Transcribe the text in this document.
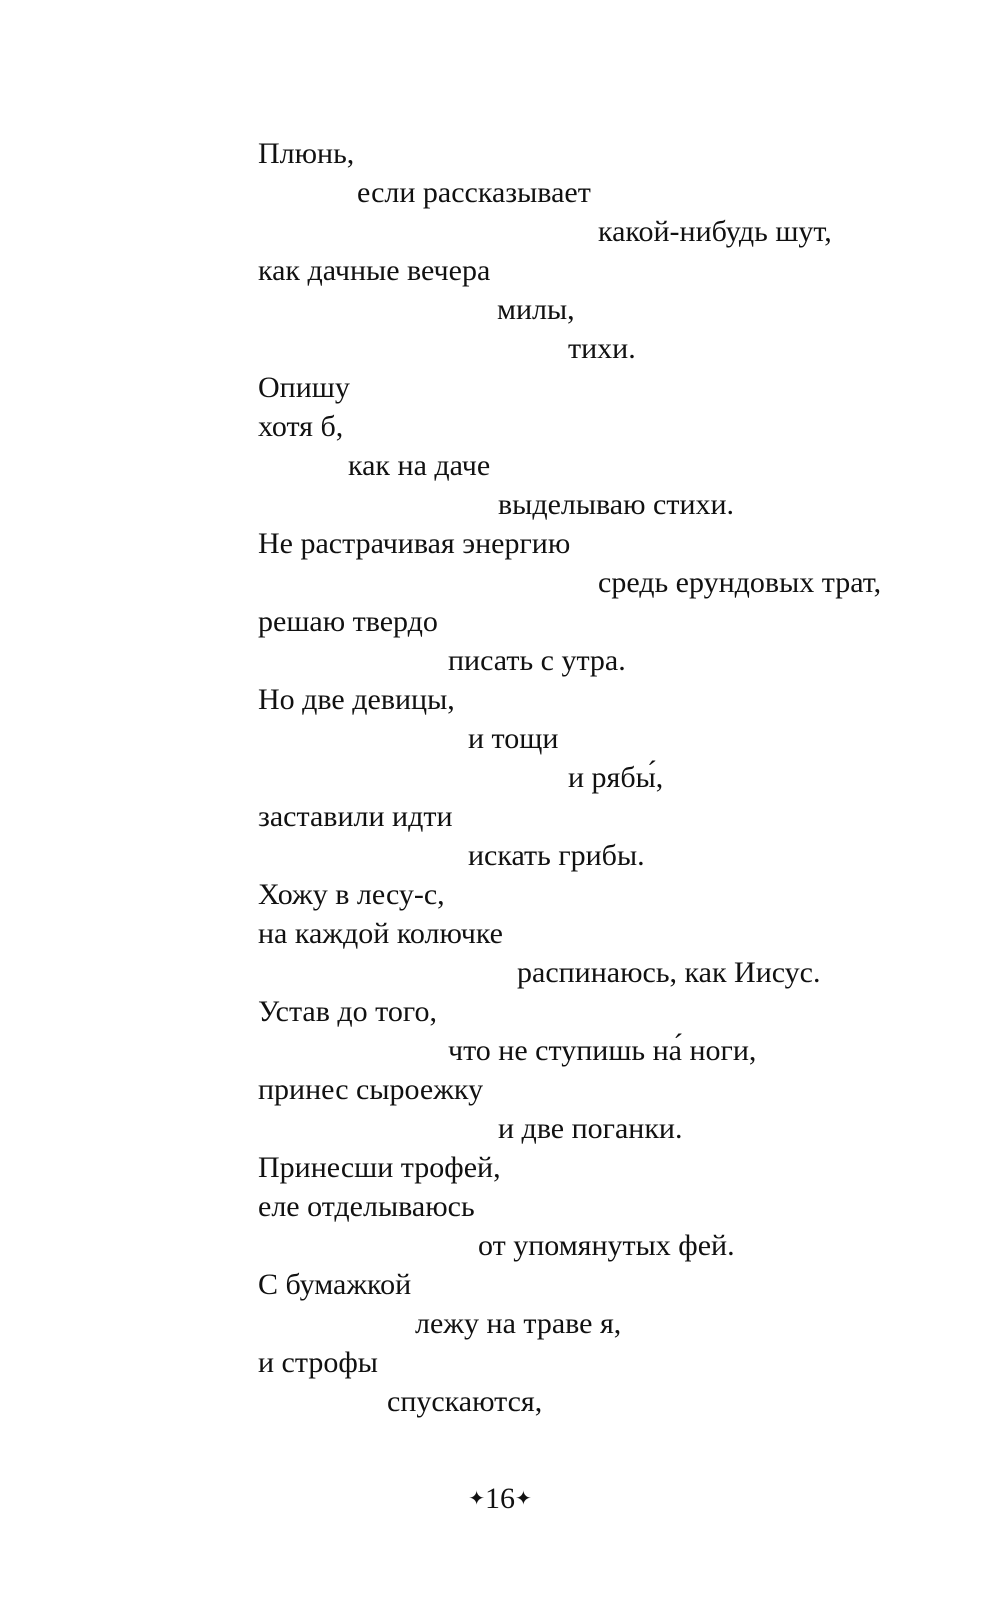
Плюнь,
если рассказывает
какой-нибудь шут,
как дачные вечера
милы,
тихи.
Опишу
хотя б,
как на даче
выделываю стихи.
Не растрачивая энергию
средь ерундовых трат,
решаю твердо
писать с утра.
Но две девицы,
и тощи
и рябы́,
заставили идти
искать грибы.
Хожу в лесу-с,
на каждой колючке
распинаюсь, как Иисус.
Устав до того,
что не ступишь на́ ноги,
принес сыроежку
и две поганки.
Принесши трофей,
еле отделываюсь
от упомянутых фей.
С бумажкой
лежу на траве я,
и строфы
спускаются,
✦16✦
